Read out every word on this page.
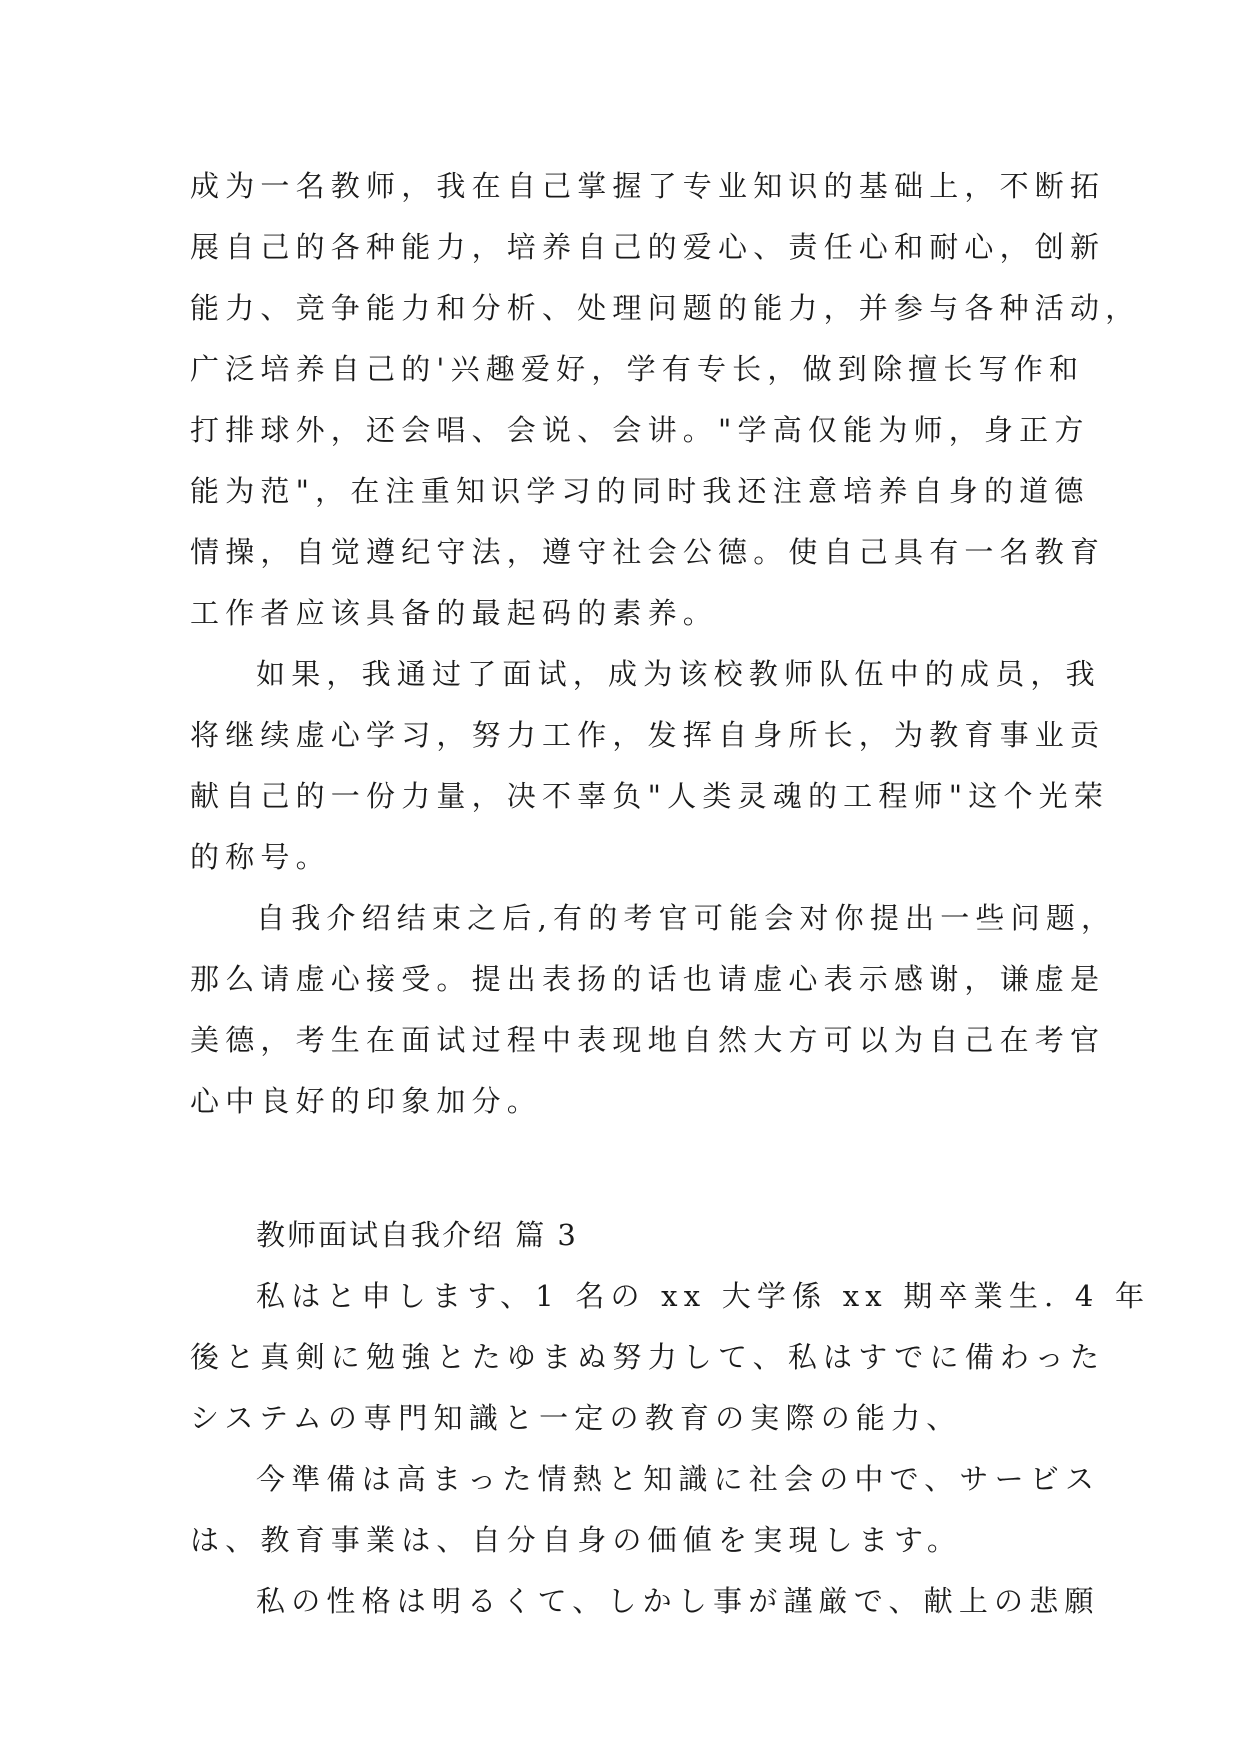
成为一名教师，我在自己掌握了专业知识的基础上，不断拓
展自己的各种能力，培养自己的爱心、责任心和耐心，创新
能力、竞争能力和分析、处理问题的能力，并参与各种活动，
广泛培养自己的'兴趣爱好，学有专长，做到除擅长写作和
打排球外，还会唱、会说、会讲。"学高仅能为师，身正方
能为范"，在注重知识学习的同时我还注意培养自身的道德
情操，自觉遵纪守法，遵守社会公德。使自己具有一名教育
工作者应该具备的最起码的素养。
如果，我通过了面试，成为该校教师队伍中的成员，我
将继续虚心学习，努力工作，发挥自身所长，为教育事业贡
献自己的一份力量，决不辜负"人类灵魂的工程师"这个光荣
的称号。
自我介绍结束之后,有的考官可能会对你提出一些问题，
那么请虚心接受。提出表扬的话也请虚心表示感谢，谦虚是
美德，考生在面试过程中表现地自然大方可以为自己在考官
心中良好的印象加分。
教师面试自我介绍 篇 3
私はと申します、1 名の xx 大学係 xx 期卒業生. 4 年
後と真剣に勉強とたゆまぬ努力して、私はすでに備わった
システムの専門知識と一定の教育の実際の能力、
今準備は高まった情熱と知識に社会の中で、サービス
は、教育事業は、自分自身の価値を実現します。
私の性格は明るくて、しかし事が謹厳で、献上の悲願
